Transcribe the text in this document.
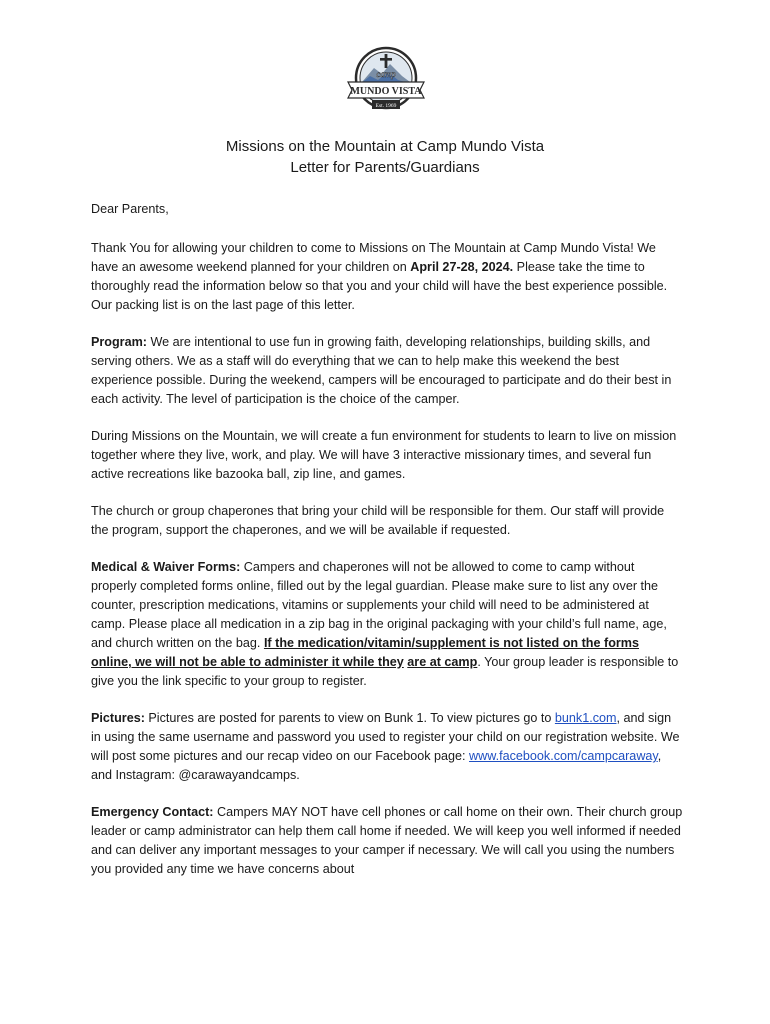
camp
MUNDO VISTA
Est. 1969
Missions on the Mountain at Camp Mundo Vista
Letter for Parents/Guardians

Dear Parents,

Thank You for allowing your children to come to Missions on The Mountain at Camp Mundo Vista! We have an awesome weekend planned for your children on April 27-28, 2024. Please take the time to thoroughly read the information below so that you and your child will have the best experience possible. Our packing list is on the last page of this letter.

Program: We are intentional to use fun in growing faith, developing relationships, building skills, and serving others. We as a staff will do everything that we can to help make this weekend the best experience possible. During the weekend, campers will be encouraged to participate and do their best in each activity. The level of participation is the choice of the camper.

During Missions on the Mountain, we will create a fun environment for students to learn to live on mission together where they live, work, and play. We will have 3 interactive missionary times, and several fun active recreations like bazooka ball, zip line, and games.

The church or group chaperones that bring your child will be responsible for them. Our staff will provide the program, support the chaperones, and we will be available if requested.

Medical & Waiver Forms: Campers and chaperones will not be allowed to come to camp without properly completed forms online, filled out by the legal guardian. Please make sure to list any over the counter, prescription medications, vitamins or supplements your child will need to be administered at camp. Please place all medication in a zip bag in the original packaging with your child’s full name, age, and church written on the bag. If the medication/vitamin/supplement is not listed on the forms online, we will not be able to administer it while they are at camp. Your group leader is responsible to give you the link specific to your group to register.

Pictures: Pictures are posted for parents to view on Bunk 1. To view pictures go to bunk1.com, and sign in using the same username and password you used to register your child on our registration website. We will post some pictures and our recap video on our Facebook page: www.facebook.com/campcaraway, and Instagram: @carawayandcamps.

Emergency Contact: Campers MAY NOT have cell phones or call home on their own. Their church group leader or camp administrator can help them call home if needed. We will keep you well informed if needed and can deliver any important messages to your camper if necessary. We will call you using the numbers you provided any time we have concerns about
